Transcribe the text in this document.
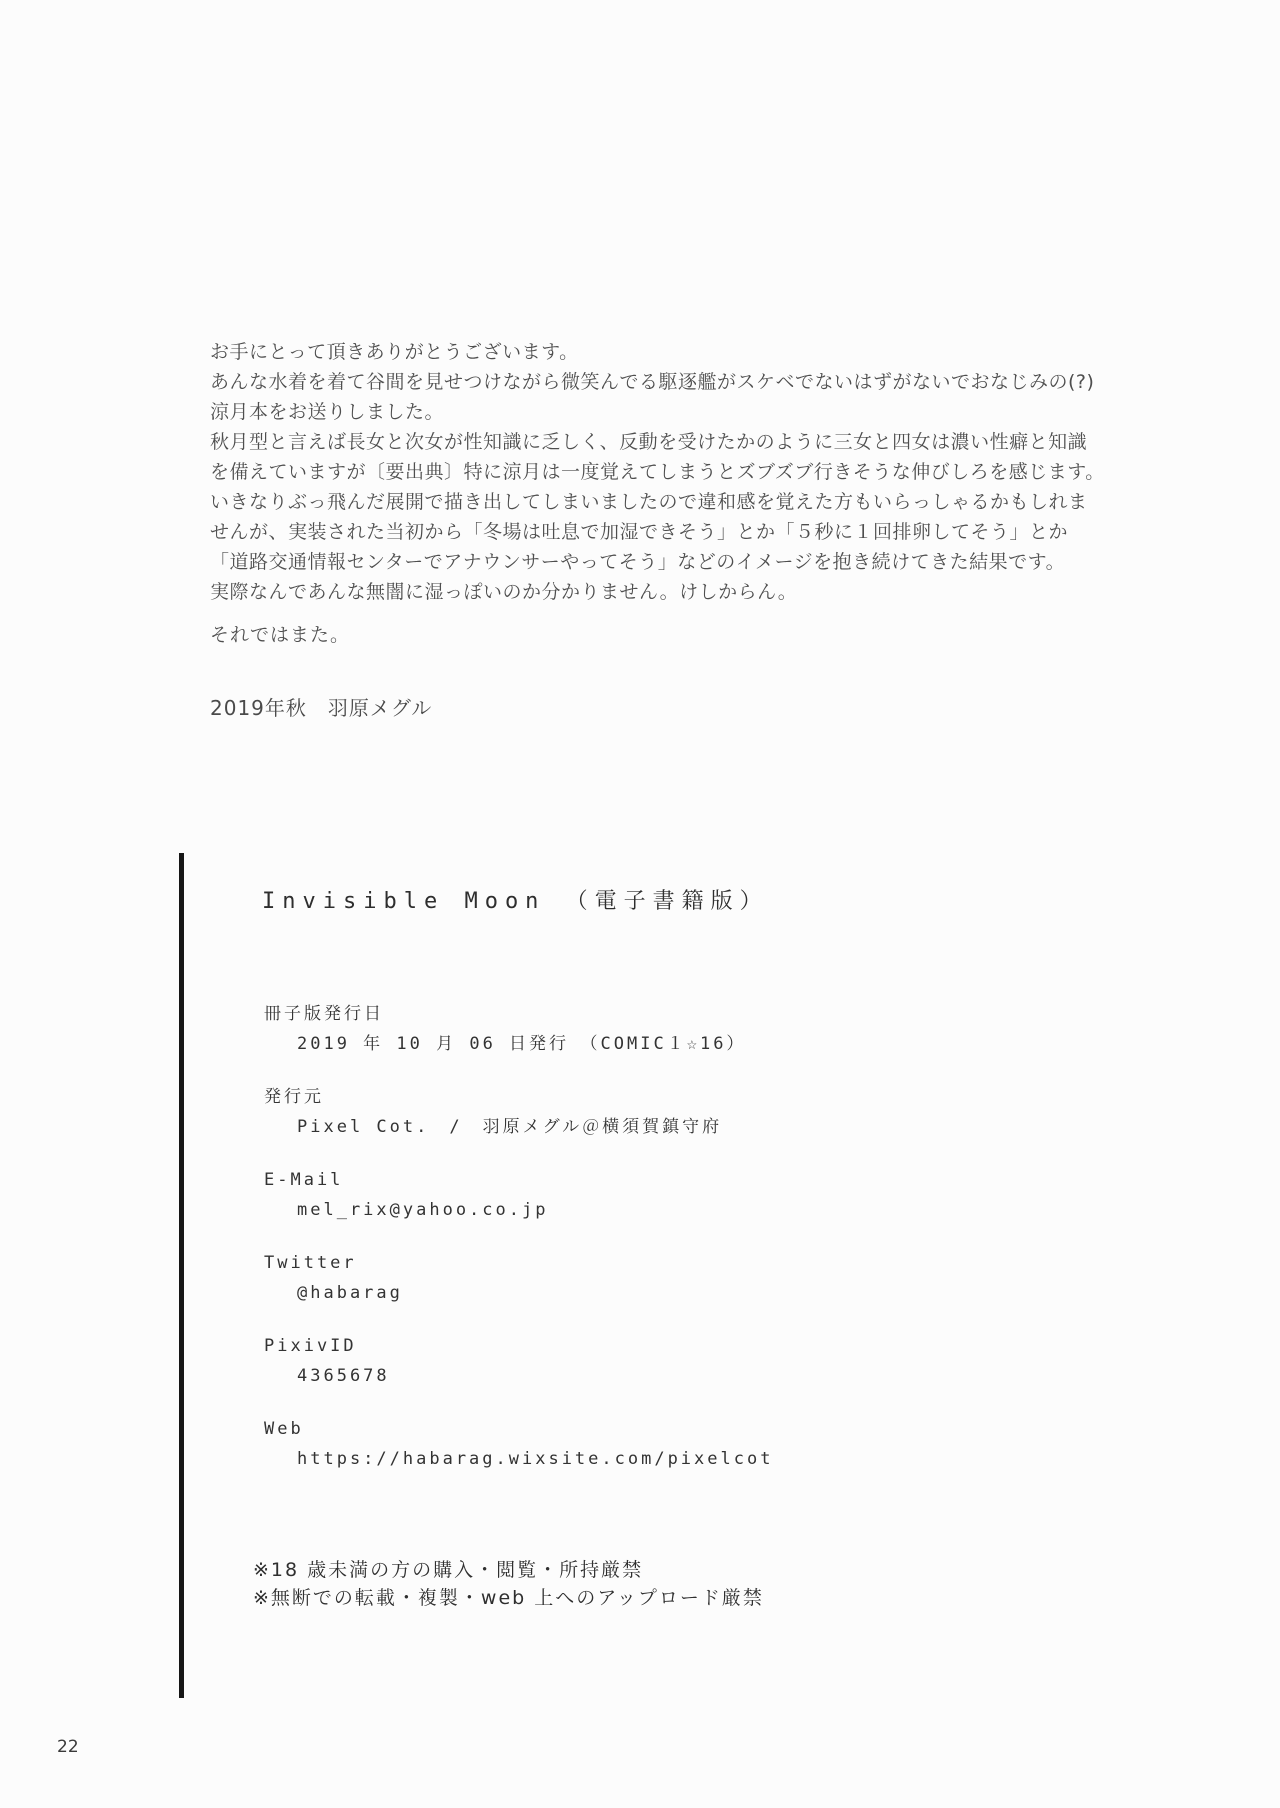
お手にとって頂きありがとうございます。
あんな水着を着て谷間を見せつけながら微笑んでる駆逐艦がスケベでないはずがないでおなじみの(?)
涼月本をお送りしました。
秋月型と言えば長女と次女が性知識に乏しく、反動を受けたかのように三女と四女は濃い性癖と知識
を備えていますが〔要出典〕特に涼月は一度覚えてしまうとズブズブ行きそうな伸びしろを感じます。
いきなりぶっ飛んだ展開で描き出してしまいましたので違和感を覚えた方もいらっしゃるかもしれま
せんが、実装された当初から「冬場は吐息で加湿できそう」とか「５秒に１回排卵してそう」とか
「道路交通情報センターでアナウンサーやってそう」などのイメージを抱き続けてきた結果です。
実際なんであんな無闇に湿っぽいのか分かりません。けしからん。
それではまた。
2019年秋　羽原メグル
Invisible Moon （電子書籍版）
冊子版発行日
2019 年 10 月 06 日発行　（COMIC１☆16）
発行元
Pixel Cot.　/　羽原メグル＠横須賀鎮守府
E-Mail
mel_rix@yahoo.co.jp
Twitter
@habarag
PixivID
4365678
Web
https://habarag.wixsite.com/pixelcot
※18 歳未満の方の購入・閲覧・所持厳禁
※無断での転載・複製・web 上へのアップロード厳禁
22
